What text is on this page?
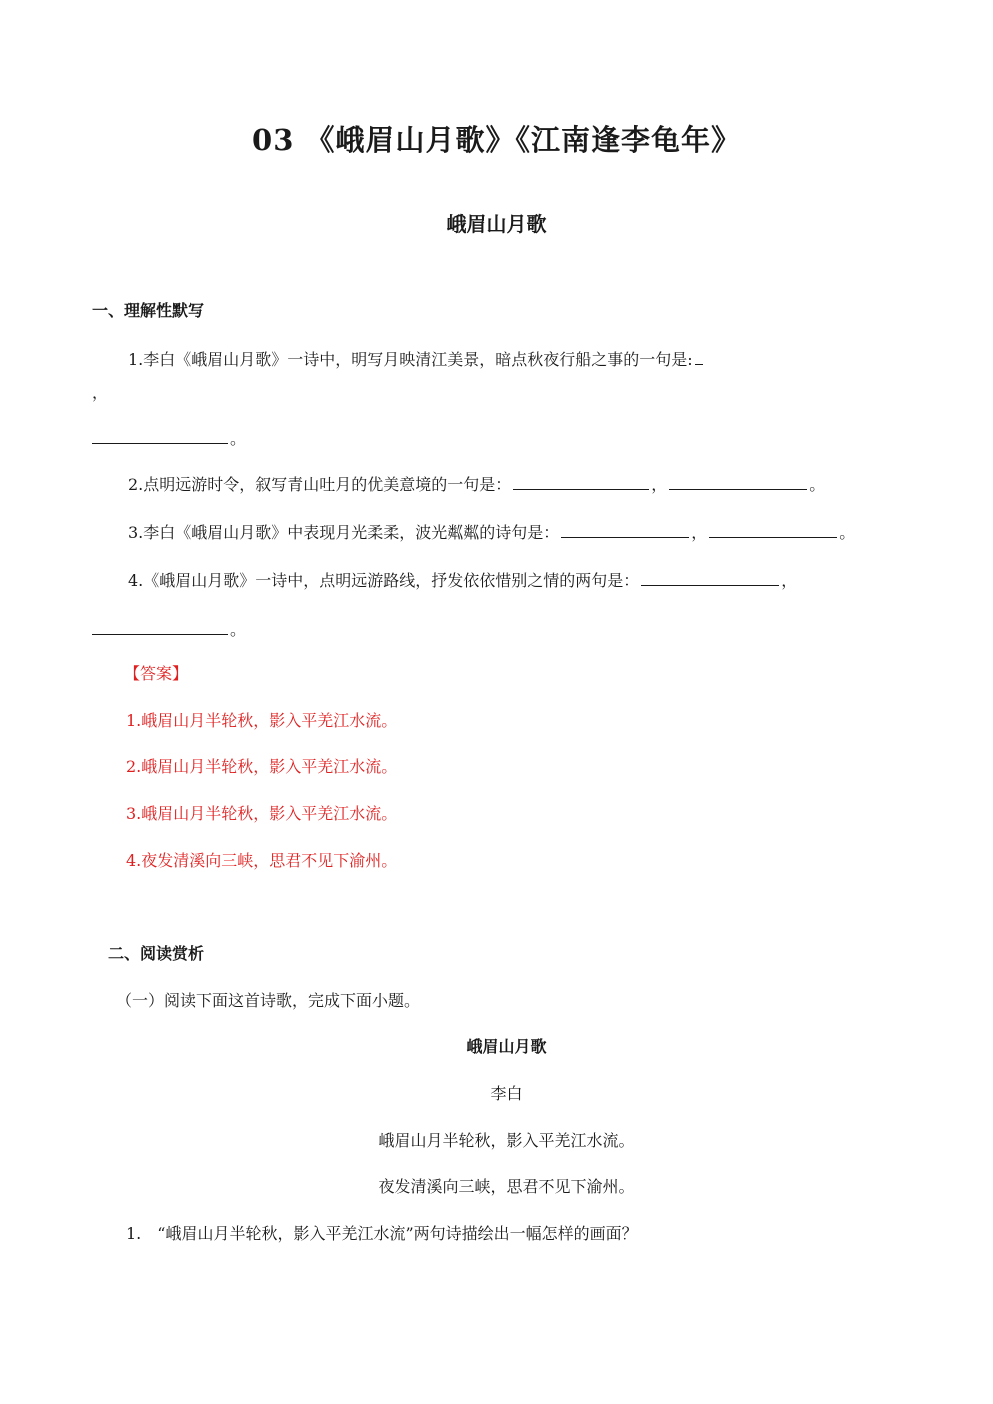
03 《峨眉山月歌》《江南逢李龟年》
峨眉山月歌
一、理解性默写
1.李白《峨眉山月歌》一诗中，明写月映清江美景，暗点秋夜行船之事的一句是:
，
。
2.点明远游时令，叙写青山吐月的优美意境的一句是：	，	。
3.李白《峨眉山月歌》中表现月光柔柔，波光粼粼的诗句是：	，	。
4.《峨眉山月歌》一诗中，点明远游路线，抒发依依惜别之情的两句是：	，
。
【答案】
1.峨眉山月半轮秋，影入平羌江水流。
2.峨眉山月半轮秋，影入平羌江水流。
3.峨眉山月半轮秋，影入平羌江水流。
4.夜发清溪向三峡，思君不见下渝州。
二、阅读赏析
（一）阅读下面这首诗歌，完成下面小题。
峨眉山月歌
李白
峨眉山月半轮秋，影入平羌江水流。
夜发清溪向三峡，思君不见下渝州。
1.　“峨眉山月半轮秋，影入平羌江水流”两句诗描绘出一幅怎样的画面？
